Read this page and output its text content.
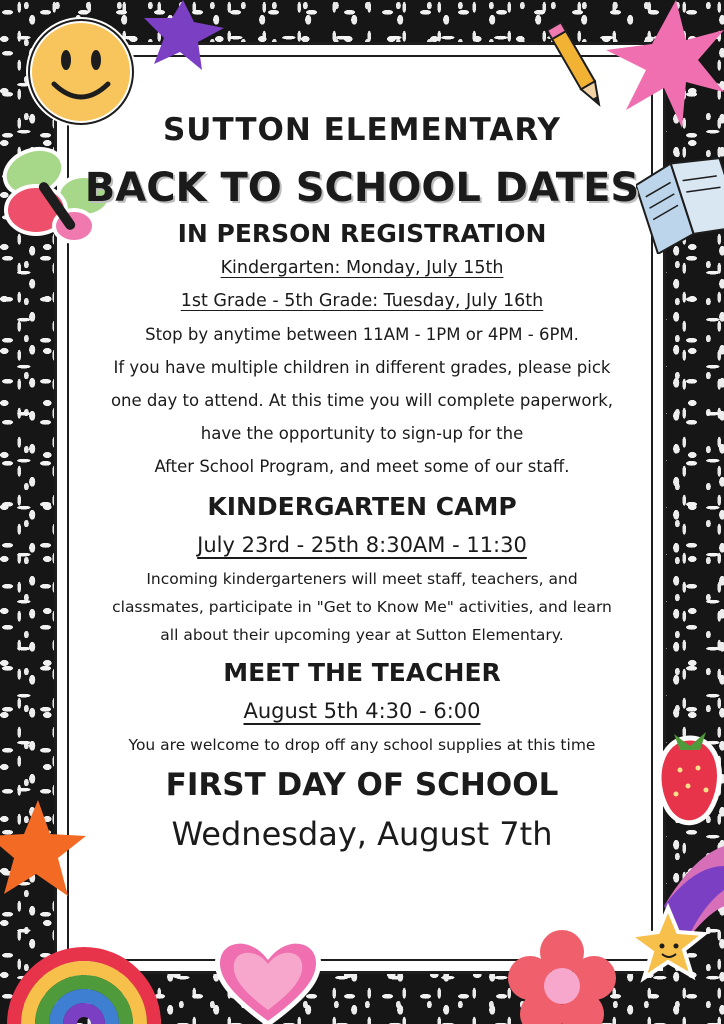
SUTTON ELEMENTARY

BACK TO SCHOOL DATES

IN PERSON REGISTRATION

Kindergarten: Monday, July 15th

1st Grade - 5th Grade: Tuesday, July 16th

Stop by anytime between 11AM - 1PM or 4PM - 6PM.

If you have multiple children in different grades, please pick

one day to attend. At this time you will complete paperwork,

have the opportunity to sign-up for the

After School Program, and meet some of our staff.

KINDERGARTEN CAMP

July 23rd - 25th 8:30AM - 11:30

Incoming kindergarteners will meet staff, teachers, and

classmates, participate in "Get to Know Me" activities, and learn

all about their upcoming year at Sutton Elementary.

MEET THE TEACHER

August 5th 4:30 - 6:00

You are welcome to drop off any school supplies at this time

FIRST DAY OF SCHOOL

Wednesday, August 7th
